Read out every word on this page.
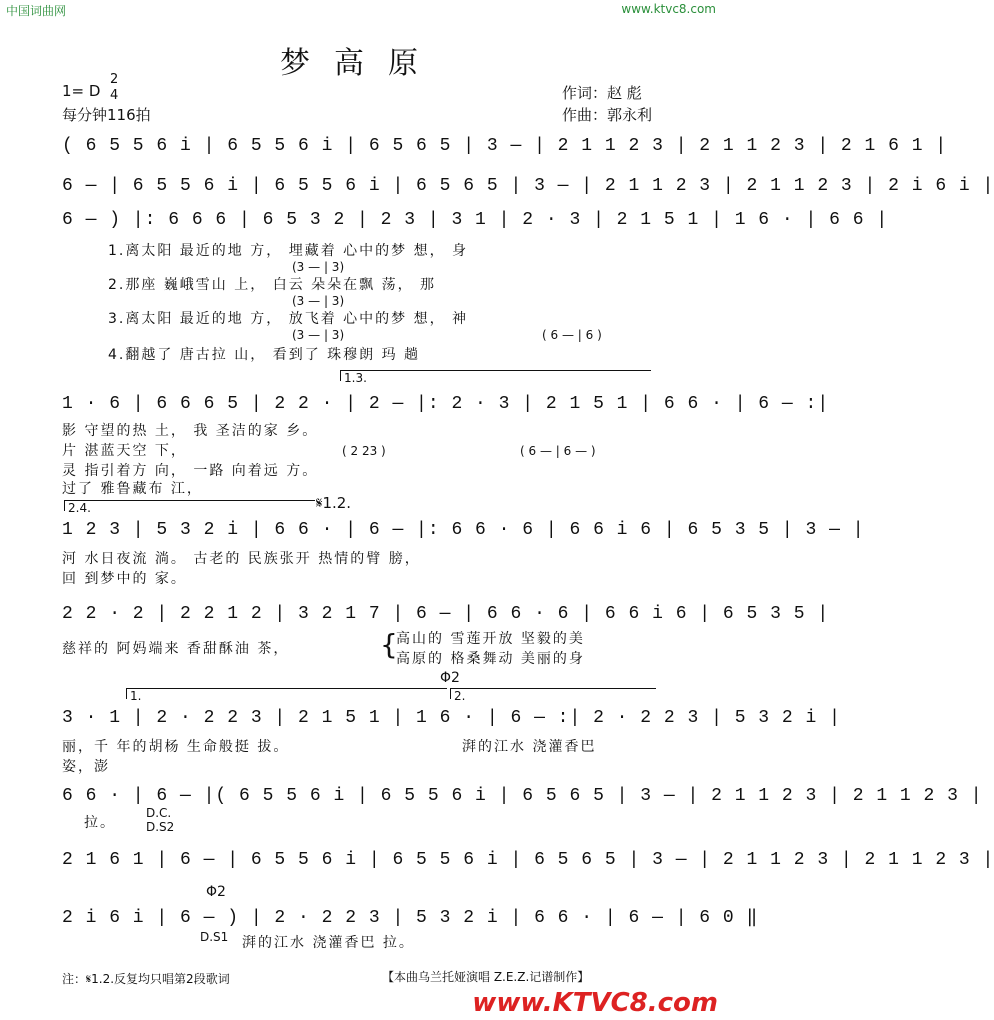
中国词曲网	www.ktvc8.com
梦高原
1= D
2
4
每分钟116拍
作词：赵 彪
作曲：郭永利
( 6 5 5 6 i | 6 5 5 6 i | 6 5 6 5 | 3 — | 2 1 1 2 3 | 2 1 1 2 3 | 2 1 6 1 |
6 — | 6 5 5 6 i | 6 5 5 6 i | 6 5 6 5 | 3 — | 2 1 1 2 3 | 2 1 1 2 3 | 2 i 6 i |
6 — ) |: 6 6 6 | 6 5 3 2 | 2 3 | 3 1 | 2 · 3 | 2 1 5 1 | 1 6 · | 6 6 |
1.离太阳 最近的地 方， 埋藏着 心中的梦 想， 身
(3 — | 3)
2.那座 巍峨雪山 上， 白云 朵朵在飘 荡， 那
(3 — | 3)
3.离太阳 最近的地 方， 放飞着 心中的梦 想， 神
(3 — | 3)	( 6 — | 6 )
4.翻越了 唐古拉 山， 看到了 珠穆朗 玛 趟
1.3.
1 · 6 | 6 6 6 5 | 2 2 · | 2 — |: 2 · 3 | 2 1 5 1 | 6 6 · | 6 — :|
影 守望的热 土， 我 圣洁的家 乡。
片 湛蓝天空 下，	( 2 23 )	( 6 — | 6 — )
灵 指引着方 向， 一路 向着远 方。
过了 雅鲁藏布 江，
2.4.	𝄋1.2.
1 2 3 | 5 3 2 i | 6 6 · | 6 — |: 6 6 · 6 | 6 6 i 6 | 6 5 3 5 | 3 — |
河 水日夜流 淌。 古老的 民族张开 热情的臂 膀，
回 到梦中的 家。
2 2 · 2 | 2 2 1 2 | 3 2 1 7 | 6 — | 6 6 · 6 | 6 6 i 6 | 6 5 3 5 |
慈祥的 阿妈端来 香甜酥油 茶，	{
高山的 雪莲开放 坚毅的美
高原的 格桑舞动 美丽的身
Φ2
1.	2.
3 · 1 | 2 · 2 2 3 | 2 1 5 1 | 1 6 · | 6 — :| 2 · 2 2 3 | 5 3 2 i |
丽，千 年的胡杨 生命般挺 拔。	湃的江水 浇灌香巴
姿，澎
6 6 · | 6 — |( 6 5 5 6 i | 6 5 5 6 i | 6 5 6 5 | 3 — | 2 1 1 2 3 | 2 1 1 2 3 |
拉。
D.C.
D.S2
2 1 6 1 | 6 — | 6 5 5 6 i | 6 5 5 6 i | 6 5 6 5 | 3 — | 2 1 1 2 3 | 2 1 1 2 3 |
Φ2
2 i 6 i | 6 — ) | 2 · 2 2 3 | 5 3 2 i | 6 6 · | 6 — | 6 0 ‖
D.S1 湃的江水 浇灌香巴 拉。
注：𝄋1.2.反复均只唱第2段歌词	【本曲乌兰托娅演唱 Z.E.Z.记谱制作】
www.KTVC8.com
